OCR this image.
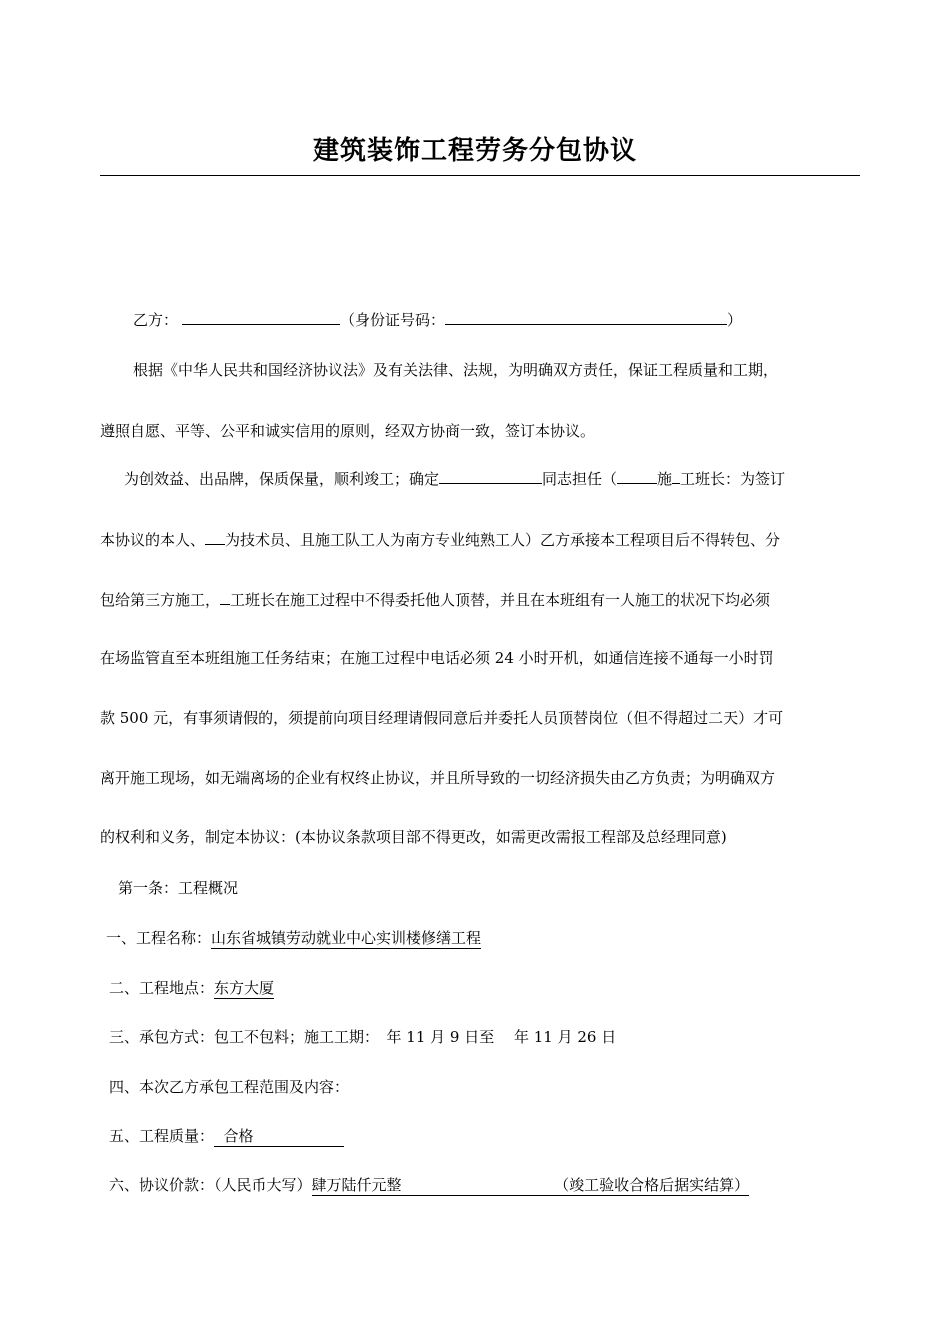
建筑装饰工程劳务分包协议
乙方：	（身份证号码：	）
根据《中华人民共和国经济协议法》及有关法律、法规，为明确双方责任，保证工程质量和工期，
遵照自愿、平等、公平和诚实信用的原则，经双方协商一致，签订本协议。
为创效益、出品牌，保质保量，顺利竣工；确定	同志担任（	施 工班长：为签订
本协议的本人、 为技术员、且施工队工人为南方专业纯熟工人）乙方承接本工程项目后不得转包、分
包给第三方施工， 工班长在施工过程中不得委托他人顶替，并且在本班组有一人施工的状况下均必须
在场监管直至本班组施工任务结束；在施工过程中电话必须 24 小时开机，如通信连接不通每一小时罚
款 500 元，有事须请假的，须提前向项目经理请假同意后并委托人员顶替岗位（但不得超过二天）才可
离开施工现场，如无端离场的企业有权终止协议，并且所导致的一切经济损失由乙方负责；为明确双方
的权利和义务，制定本协议：(本协议条款项目部不得更改，如需更改需报工程部及总经理同意)
第一条：工程概况
一、工程名称：山东省城镇劳动就业中心实训楼修缮工程
二、工程地点：东方大厦
三、承包方式：包工不包料；施工工期：　年 11 月 9 日至　 年 11 月 26 日
四、本次乙方承包工程范围及内容：
五、工程质量：  合格
六、协议价款：（人民币大写）肆万陆仟元整                                （竣工验收合格后据实结算）
